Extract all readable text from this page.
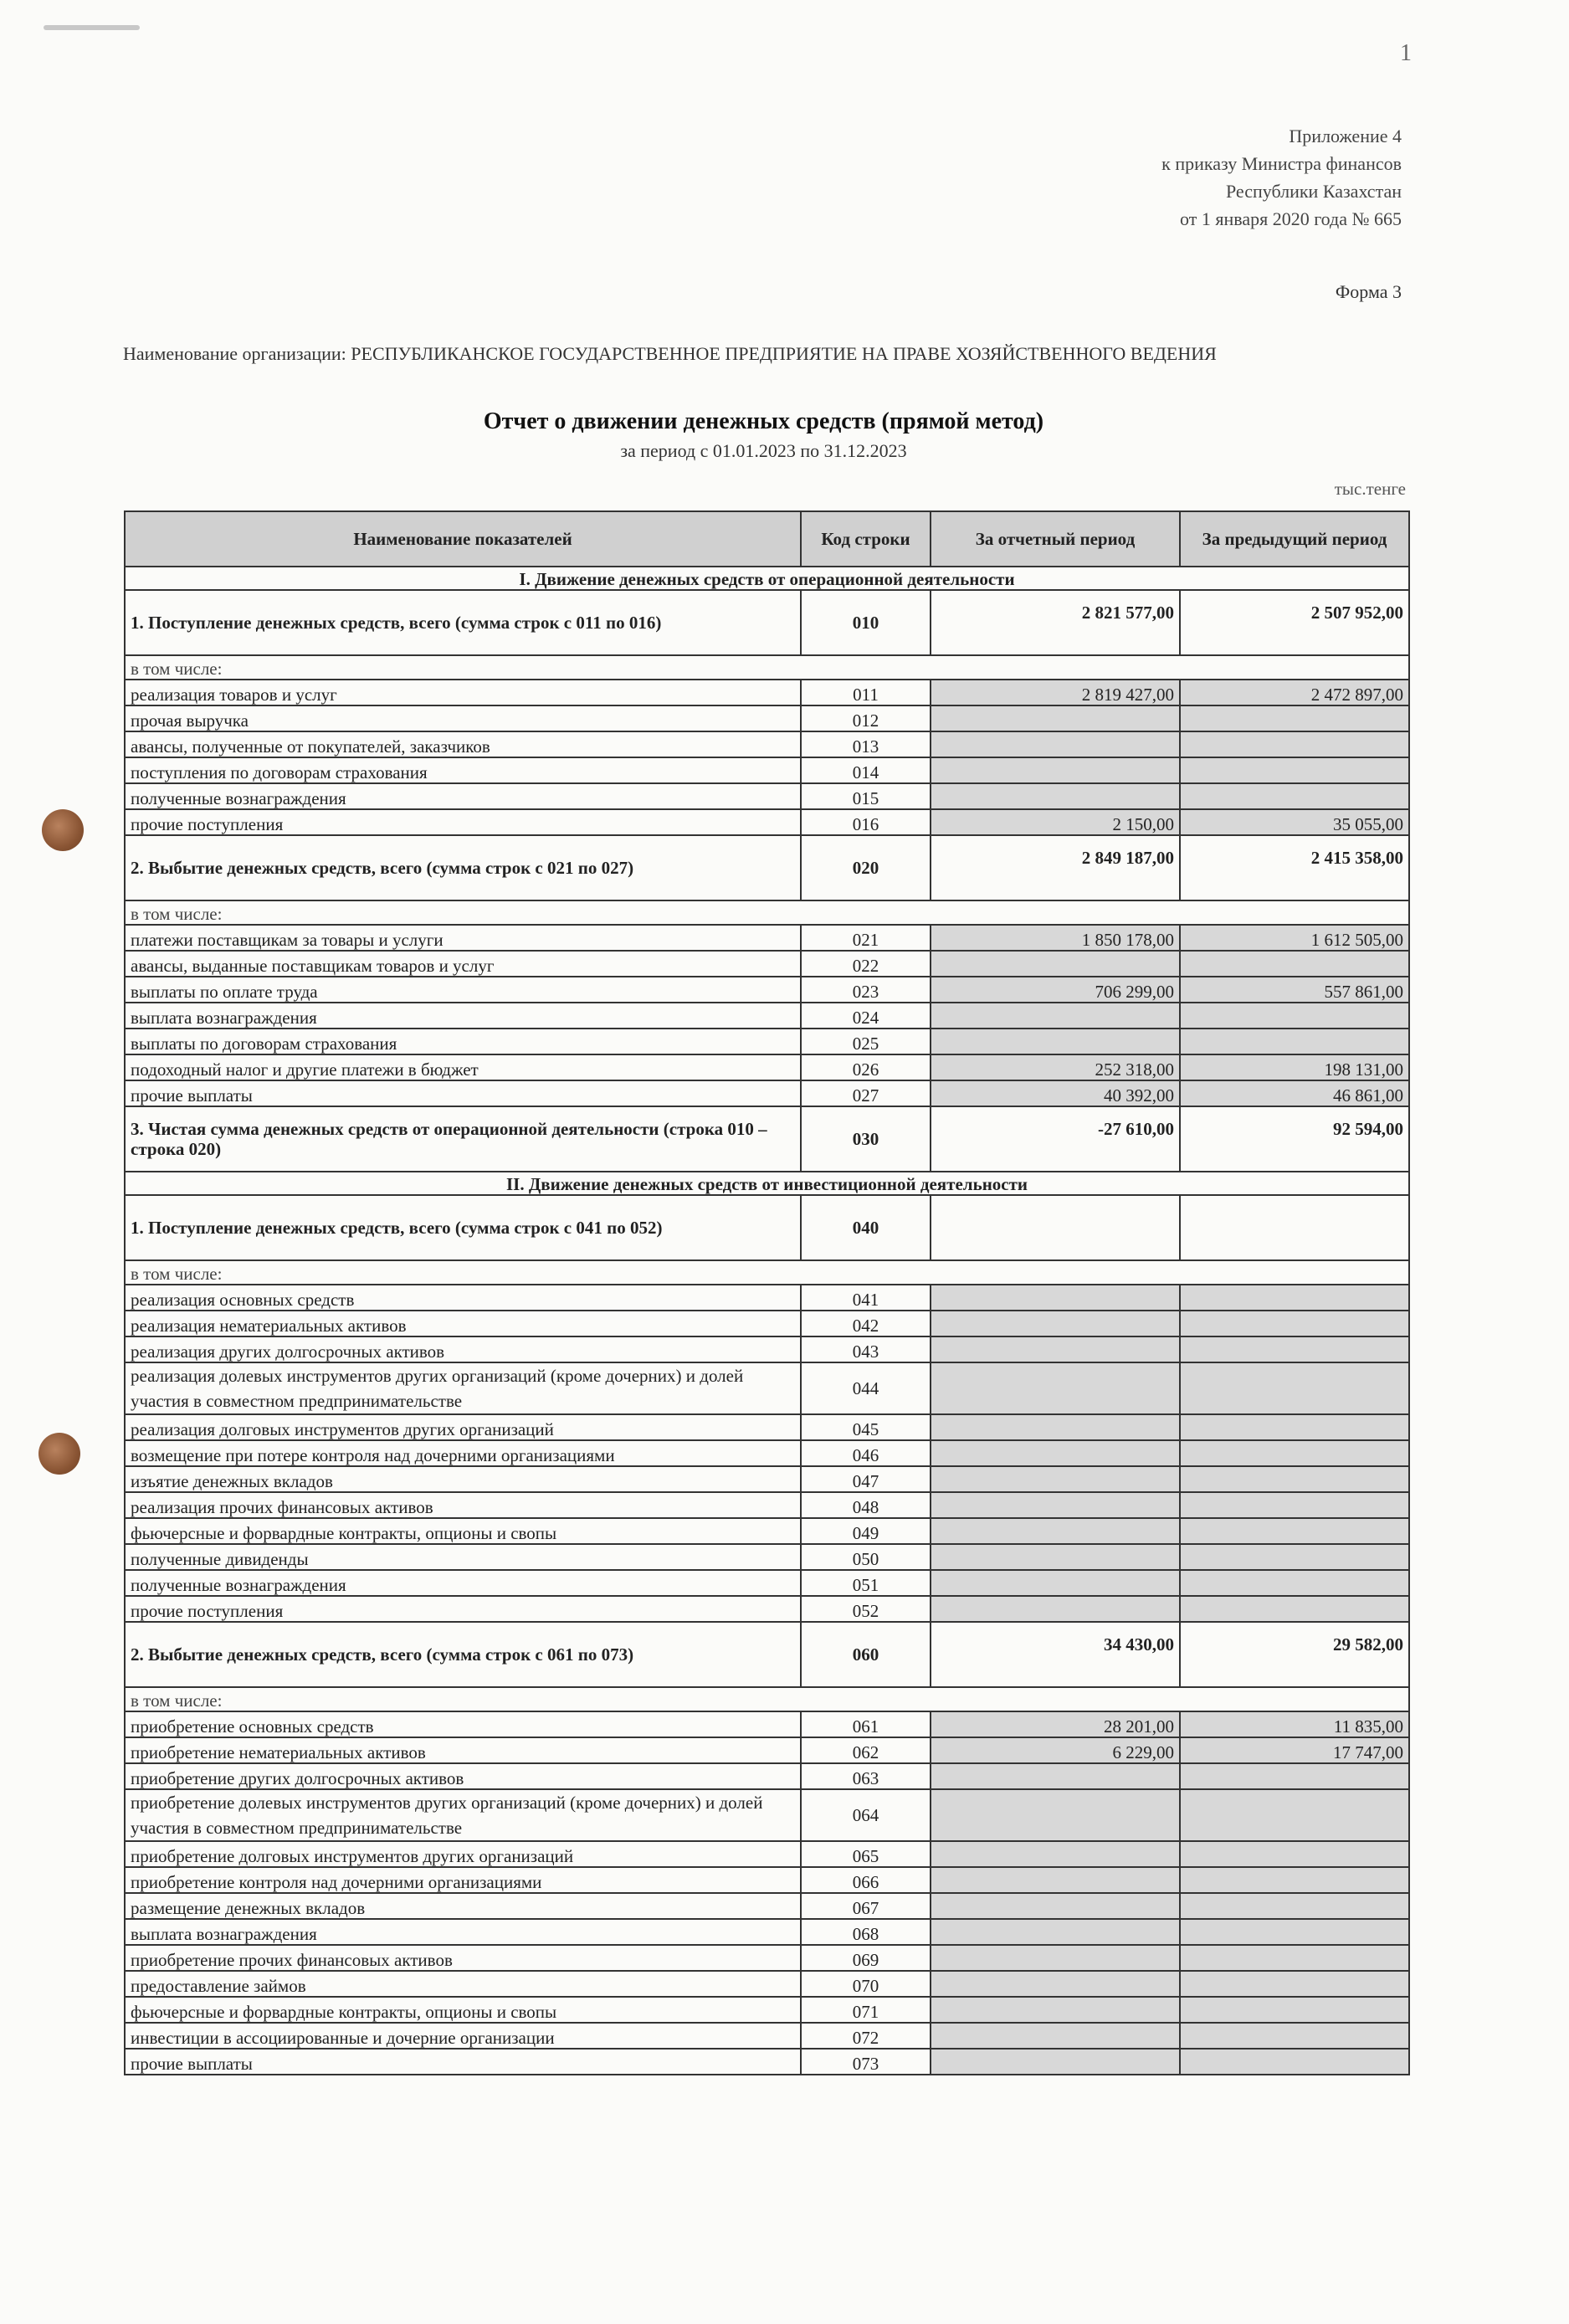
1
Приложение 4
к приказу Министра финансов
Республики Казахстан
от 1 января 2020 года № 665
Форма 3
Наименование организации: РЕСПУБЛИКАНСКОЕ ГОСУДАРСТВЕННОЕ ПРЕДПРИЯТИЕ НА ПРАВЕ ХОЗЯЙСТВЕННОГО ВЕДЕНИЯ
Отчет о движении денежных средств (прямой метод)
за период с 01.01.2023 по 31.12.2023
тыс.тенге
Наименование показателей	Код строки	За отчетный период	За предыдущий период
I. Движение денежных средств от операционной деятельности			
1. Поступление денежных средств, всего (сумма строк с 011 по 016)	010	2 821 577,00	2 507 952,00
в том числе:			
реализация товаров и услуг	011	2 819 427,00	2 472 897,00
прочая выручка	012		
авансы, полученные от покупателей, заказчиков	013		
поступления по договорам страхования	014		
полученные вознаграждения	015		
прочие поступления	016	2 150,00	35 055,00
2. Выбытие денежных средств, всего (сумма строк с 021 по 027)	020	2 849 187,00	2 415 358,00
в том числе:			
платежи поставщикам за товары и услуги	021	1 850 178,00	1 612 505,00
авансы, выданные поставщикам товаров и услуг	022		
выплаты по оплате труда	023	706 299,00	557 861,00
выплата вознаграждения	024		
выплаты по договорам страхования	025		
подоходный налог и другие платежи в бюджет	026	252 318,00	198 131,00
прочие выплаты	027	40 392,00	46 861,00
3. Чистая сумма денежных средств от операционной деятельности (строка 010 – строка 020)	030	-27 610,00	92 594,00
II. Движение денежных средств от инвестиционной деятельности			
1. Поступление денежных средств, всего (сумма строк с 041 по 052)	040		
в том числе:			
реализация основных средств	041		
реализация нематериальных активов	042		
реализация других долгосрочных активов	043		
реализация долевых инструментов других организаций (кроме дочерних) и долей участия в совместном предпринимательстве	044		
реализация долговых инструментов других организаций	045		
возмещение при потере контроля над дочерними организациями	046		
изъятие денежных вкладов	047		
реализация прочих финансовых активов	048		
фьючерсные и форвардные контракты, опционы и свопы	049		
полученные дивиденды	050		
полученные вознаграждения	051		
прочие поступления	052		
2. Выбытие денежных средств, всего (сумма строк с 061 по 073)	060	34 430,00	29 582,00
в том числе:			
приобретение основных средств	061	28 201,00	11 835,00
приобретение нематериальных активов	062	6 229,00	17 747,00
приобретение других долгосрочных активов	063		
приобретение долевых инструментов других организаций (кроме дочерних) и долей участия в совместном предпринимательстве	064		
приобретение долговых инструментов других организаций	065		
приобретение контроля над дочерними организациями	066		
размещение денежных вкладов	067		
выплата вознаграждения	068		
приобретение прочих финансовых активов	069		
предоставление займов	070		
фьючерсные и форвардные контракты, опционы и свопы	071		
инвестиции в ассоциированные и дочерние организации	072		
прочие выплаты	073		
